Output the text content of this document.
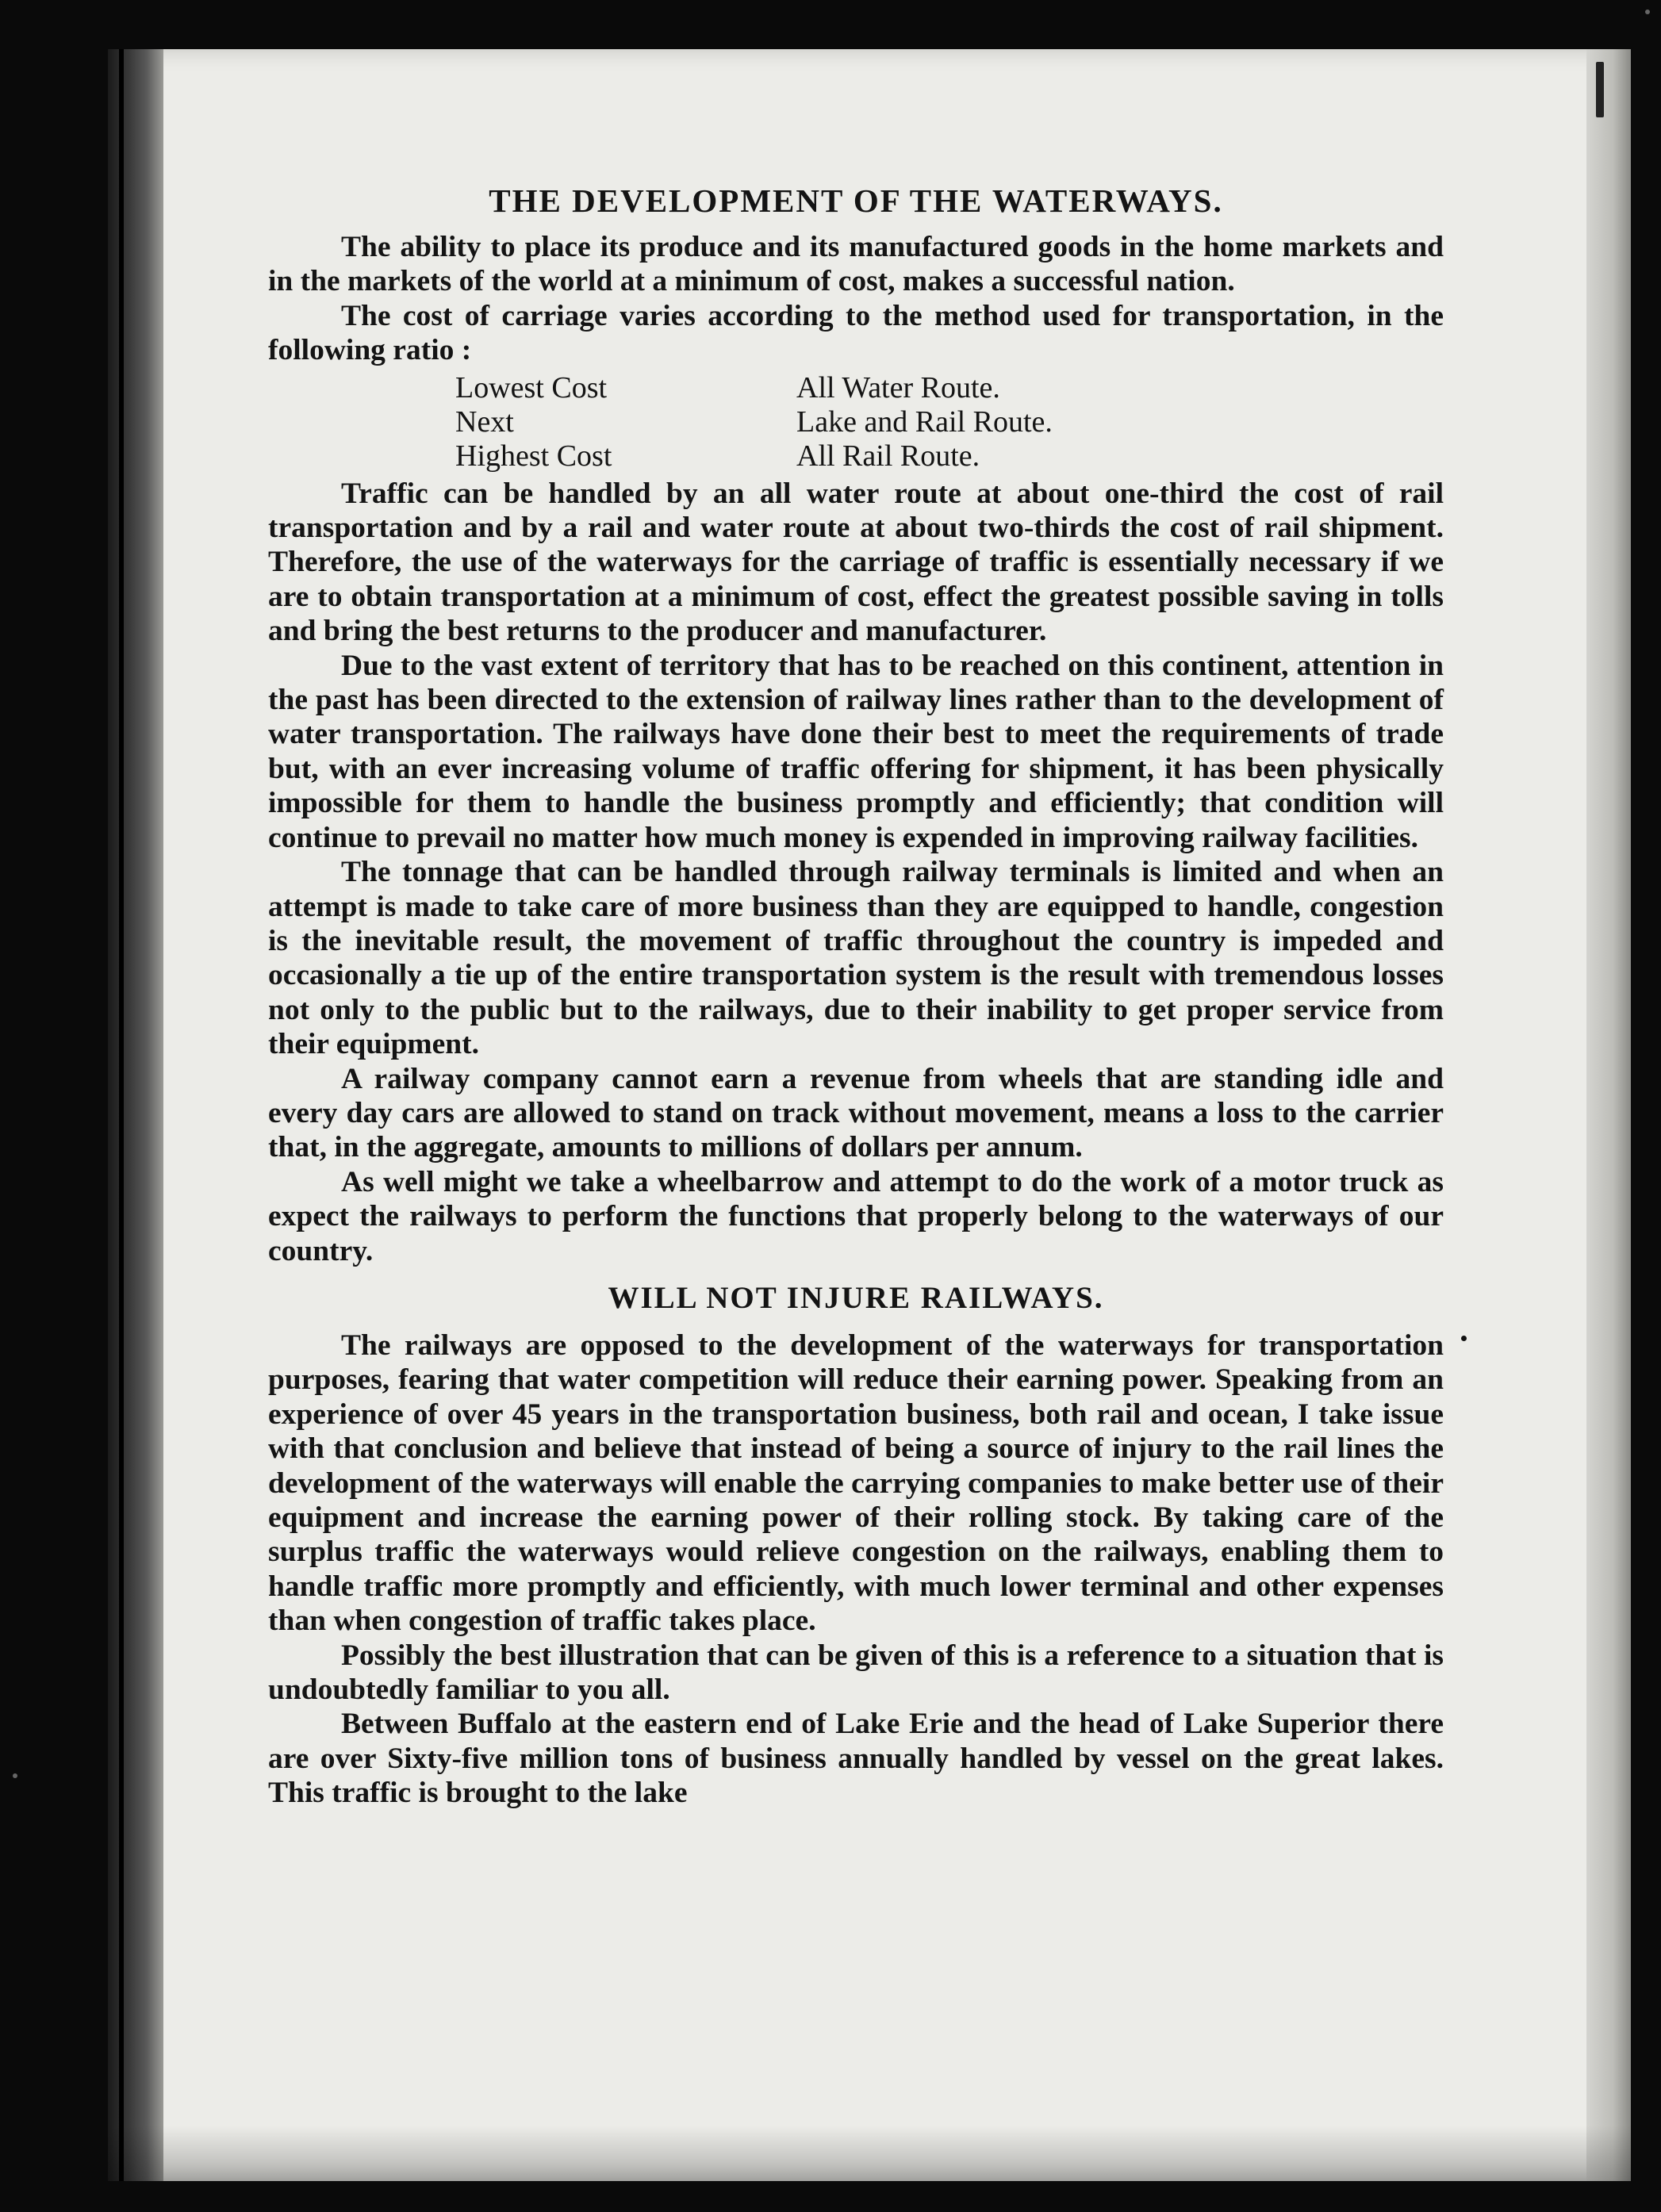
THE DEVELOPMENT OF THE WATERWAYS.

The ability to place its produce and its manufactured goods in the home markets and in the markets of the world at a minimum of cost, makes a successful nation.

The cost of carriage varies according to the method used for transportation, in the following ratio :

Lowest Cost	All Water Route.
Next	Lake and Rail Route.
Highest Cost	All Rail Route.

Traffic can be handled by an all water route at about one-third the cost of rail transportation and by a rail and water route at about two-thirds the cost of rail shipment. Therefore, the use of the waterways for the carriage of traffic is essentially necessary if we are to obtain transportation at a minimum of cost, effect the greatest possible saving in tolls and bring the best returns to the producer and manufacturer.

Due to the vast extent of territory that has to be reached on this continent, attention in the past has been directed to the extension of railway lines rather than to the development of water transportation. The railways have done their best to meet the requirements of trade but, with an ever increasing volume of traffic offering for shipment, it has been physically impossible for them to handle the business promptly and efficiently; that condition will continue to prevail no matter how much money is expended in improving railway facilities.

The tonnage that can be handled through railway terminals is limited and when an attempt is made to take care of more business than they are equipped to handle, congestion is the inevitable result, the movement of traffic throughout the country is impeded and occasionally a tie up of the entire transportation system is the result with tremendous losses not only to the public but to the railways, due to their inability to get proper service from their equipment.

A railway company cannot earn a revenue from wheels that are standing idle and every day cars are allowed to stand on track without movement, means a loss to the carrier that, in the aggregate, amounts to millions of dollars per annum.

As well might we take a wheelbarrow and attempt to do the work of a motor truck as expect the railways to perform the functions that properly belong to the waterways of our country.

WILL NOT INJURE RAILWAYS.

The railways are opposed to the development of the waterways for transportation purposes, fearing that water competition will reduce their earning power. Speaking from an experience of over 45 years in the transportation business, both rail and ocean, I take issue with that conclusion and believe that instead of being a source of injury to the rail lines the development of the waterways will enable the carrying companies to make better use of their equipment and increase the earning power of their rolling stock. By taking care of the surplus traffic the waterways would relieve congestion on the railways, enabling them to handle traffic more promptly and efficiently, with much lower terminal and other expenses than when congestion of traffic takes place.

Possibly the best illustration that can be given of this is a reference to a situation that is undoubtedly familiar to you all.

Between Buffalo at the eastern end of Lake Erie and the head of Lake Superior there are over Sixty-five million tons of business annually handled by vessel on the great lakes. This traffic is brought to the lake
